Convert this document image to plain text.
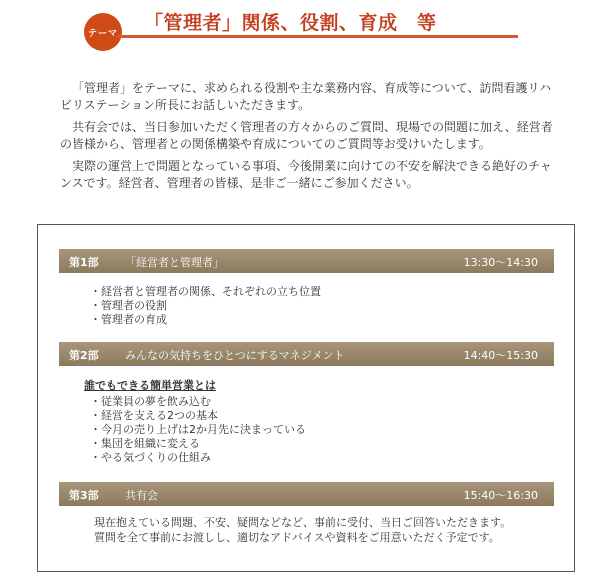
テーマ 「管理者」関係、役割、育成　等

「管理者」をテーマに、求められる役割や主な業務内容、育成等について、訪問看護リハビリステーション所長にお話しいただきます。

共有会では、当日参加いただく管理者の方々からのご質問、現場での問題に加え、経営者の皆様から、管理者との関係構築や育成についてのご質問等お受けいたします。

実際の運営上で問題となっている事項、今後開業に向けての不安を解決できる絶好のチャンスです。経営者、管理者の皆様、是非ご一緒にご参加ください。

第1部 「経営者と管理者」	13:30〜14:30
・ 経営者と管理者の関係、それぞれの立ち位置
・ 管理者の役割
・ 管理者の育成
第2部 みんなの気持ちをひとつにするマネジメント	14:40〜15:30
誰でもできる簡単営業とは
・ 従業員の夢を飲み込む
・ 経営を支える2つの基本
・ 今月の売り上げは2か月先に決まっている
・ 集団を組織に変える
・ やる気づくりの仕組み
第3部 共有会	15:40〜16:30

現在抱えている問題、不安、疑問などなど、事前に受付、当日ご回答いただきます。

質問を全て事前にお渡しし、適切なアドバイスや資料をご用意いただく予定です。
